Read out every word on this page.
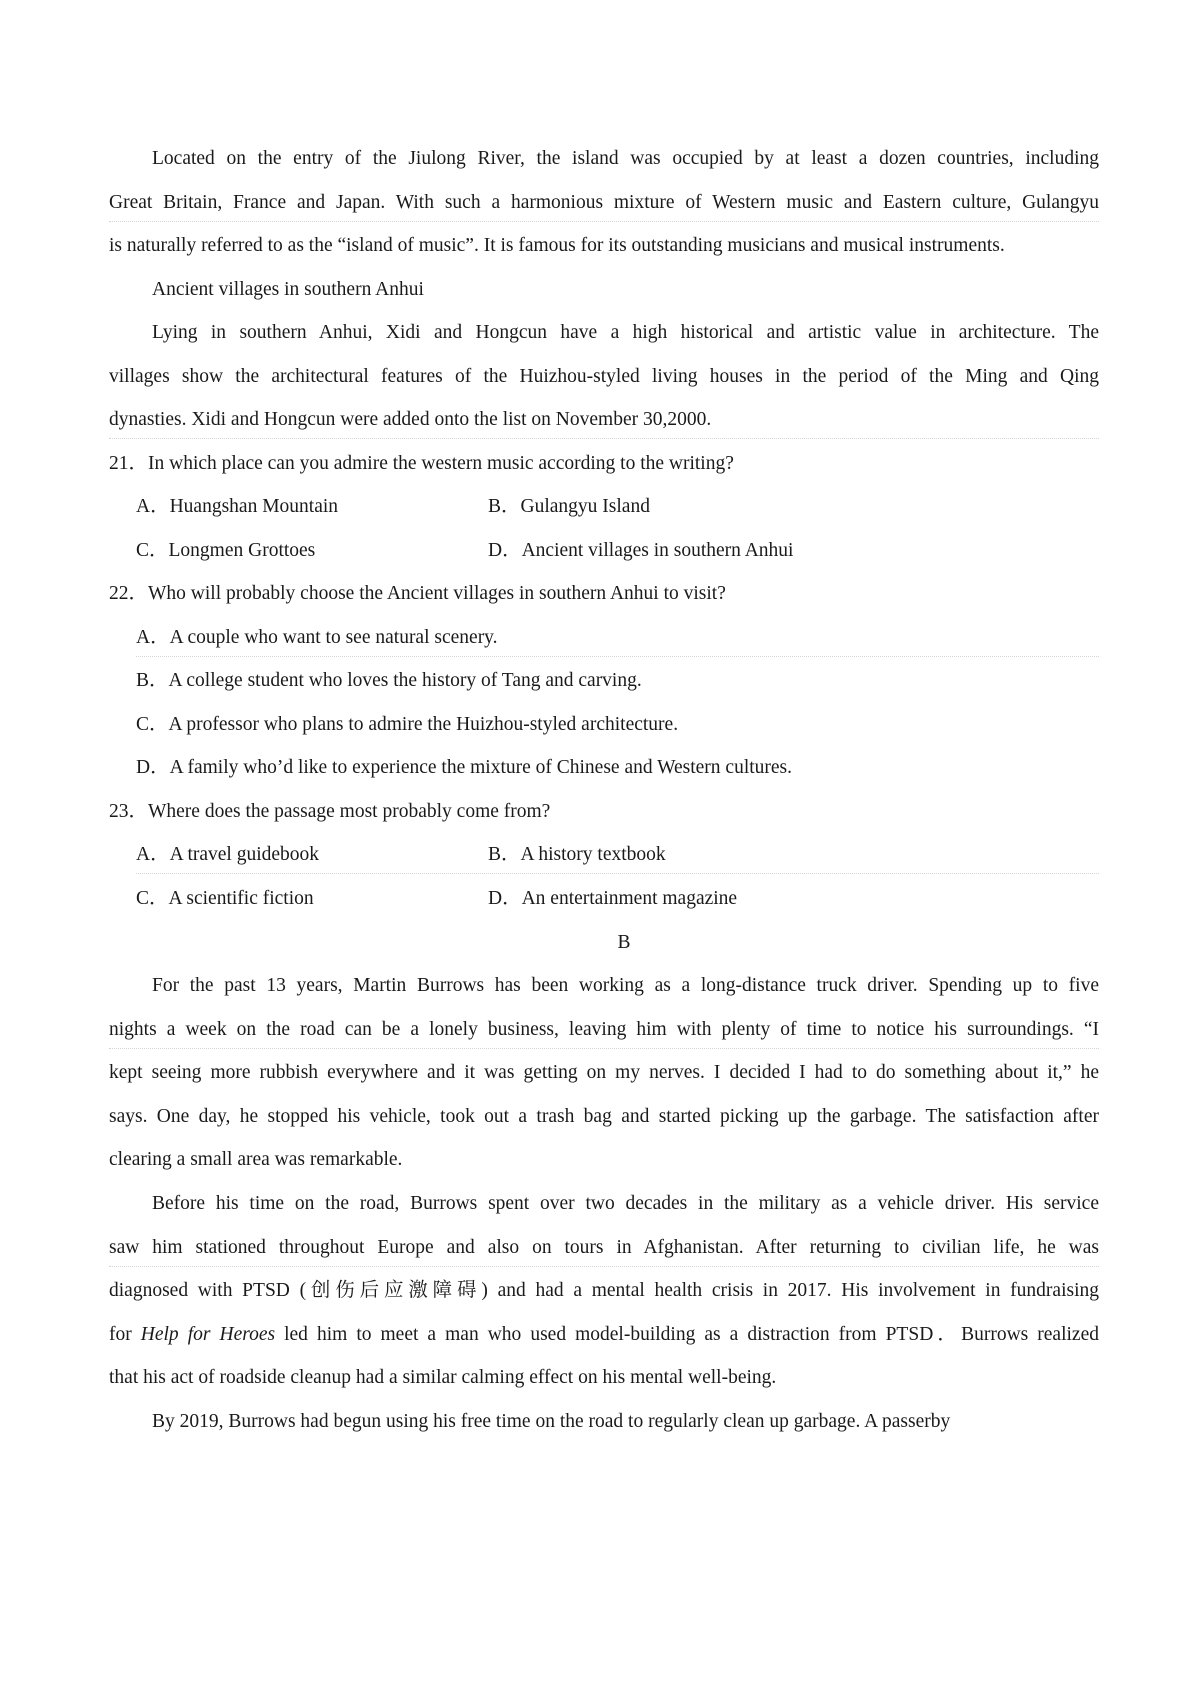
Located on the entry of the Jiulong River, the island was occupied by at least a dozen countries, including
Great Britain, France and Japan. With such a harmonious mixture of Western music and Eastern culture, Gulangyu
is naturally referred to as the “island of music”. It is famous for its outstanding musicians and musical instruments.
Ancient villages in southern Anhui
Lying in southern Anhui, Xidi and Hongcun have a high historical and artistic value in architecture. The
villages show the architectural features of the Huizhou-styled living houses in the period of the Ming and Qing
dynasties. Xidi and Hongcun were added onto the list on November 30,2000.
21．In which place can you admire the western music according to the writing?
A．Huangshan Mountain	B．Gulangyu Island
C．Longmen Grottoes	D．Ancient villages in southern Anhui
22．Who will probably choose the Ancient villages in southern Anhui to visit?
A．A couple who want to see natural scenery.
B．A college student who loves the history of Tang and carving.
C．A professor who plans to admire the Huizhou-styled architecture.
D．A family who’d like to experience the mixture of Chinese and Western cultures.
23．Where does the passage most probably come from?
A．A travel guidebook	B．A history textbook
C．A scientific fiction	D．An entertainment magazine
B
For the past 13 years, Martin Burrows has been working as a long-distance truck driver. Spending up to five
nights a week on the road can be a lonely business, leaving him with plenty of time to notice his surroundings. “I
kept seeing more rubbish everywhere and it was getting on my nerves. I decided I had to do something about it,” he
says. One day, he stopped his vehicle, took out a trash bag and started picking up the garbage. The satisfaction after
clearing a small area was remarkable.
Before his time on the road, Burrows spent over two decades in the military as a vehicle driver. His service
saw him stationed throughout Europe and also on tours in Afghanistan. After returning to civilian life, he was
diagnosed with PTSD (创伤后应激障碍) and had a mental health crisis in 2017. His involvement in fundraising
for Help for Heroes led him to meet a man who used model-building as a distraction from PTSD．Burrows realized
that his act of roadside cleanup had a similar calming effect on his mental well-being.
By 2019, Burrows had begun using his free time on the road to regularly clean up garbage. A passerby
